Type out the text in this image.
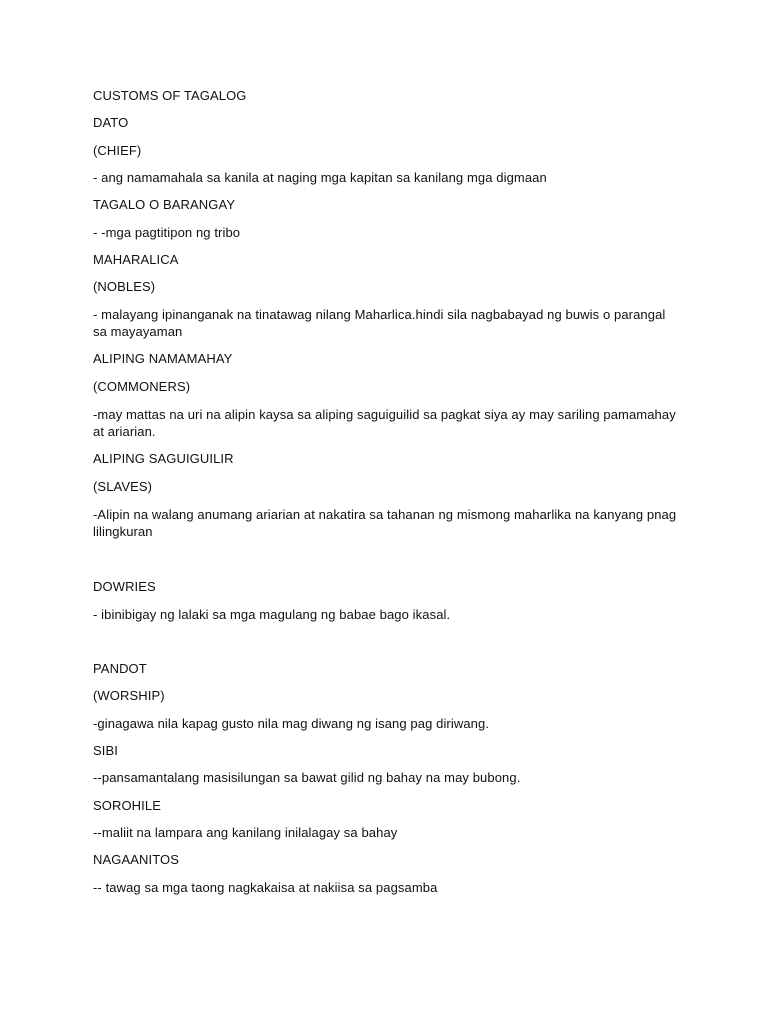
CUSTOMS OF TAGALOG
DATO
(CHIEF)
- ang namamahala sa kanila at naging mga kapitan sa kanilang mga digmaan
TAGALO O BARANGAY
- -mga pagtitipon ng tribo
MAHARALICA
(NOBLES)
- malayang ipinanganak na tinatawag nilang Maharlica.hindi sila nagbabayad ng buwis o parangal sa mayayaman
ALIPING NAMAMAHAY
(COMMONERS)
-may mattas na uri na alipin kaysa sa aliping saguiguilid sa pagkat siya ay may sariling pamamahay at ariarian.
ALIPING SAGUIGUILIR
(SLAVES)
-Alipin na walang anumang ariarian at nakatira sa tahanan ng mismong maharlika na kanyang pnag lilingkuran
DOWRIES
- ibinibigay ng lalaki sa mga magulang ng babae bago ikasal.
PANDOT
(WORSHIP)
-ginagawa nila kapag gusto nila mag diwang ng isang pag diriwang.
SIBI
--pansamantalang masisilungan sa bawat gilid ng bahay na may bubong.
SOROHILE
--maliit na lampara ang kanilang inilalagay sa bahay
NAGAANITOS
-- tawag sa mga taong nagkakaisa at nakiisa sa pagsamba
